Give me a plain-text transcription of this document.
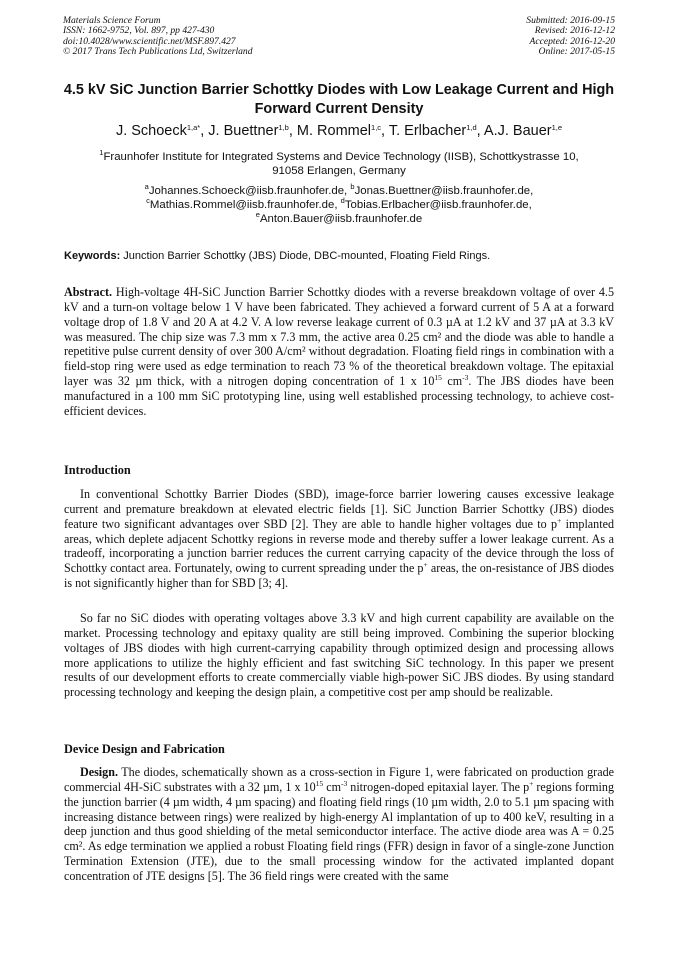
Materials Science Forum
ISSN: 1662-9752, Vol. 897, pp 427-430
doi:10.4028/www.scientific.net/MSF.897.427
© 2017 Trans Tech Publications Ltd, Switzerland
Submitted: 2016-09-15
Revised: 2016-12-12
Accepted: 2016-12-20
Online: 2017-05-15
4.5 kV SiC Junction Barrier Schottky Diodes with Low Leakage Current and High Forward Current Density
J. Schoeck$^{1,a*}$, J. Buettner$^{1,b}$, M. Rommel$^{1,c}$, T. Erlbacher$^{1,d}$, A.J. Bauer$^{1,e}$
$^1$Fraunhofer Institute for Integrated Systems and Device Technology (IISB), Schottkystrasse 10,
91058 Erlangen, Germany
$^a$Johannes.Schoeck@iisb.fraunhofer.de, $^b$Jonas.Buettner@iisb.fraunhofer.de,
$^c$Mathias.Rommel@iisb.fraunhofer.de, $^d$Tobias.Erlbacher@iisb.fraunhofer.de,
$^e$Anton.Bauer@iisb.fraunhofer.de
Keywords: Junction Barrier Schottky (JBS) Diode, DBC-mounted, Floating Field Rings.
Abstract. High-voltage 4H-SiC Junction Barrier Schottky diodes with a reverse breakdown voltage of over 4.5 kV and a turn-on voltage below 1 V have been fabricated. They achieved a forward current of 5 A at a forward voltage drop of 1.8 V and 20 A at 4.2 V. A low reverse leakage current of 0.3 µA at 1.2 kV and 37 µA at 3.3 kV was measured. The chip size was 7.3 mm x 7.3 mm, the active area 0.25 cm² and the diode was able to handle a repetitive pulse current density of over 300 A/cm² without degradation. Floating field rings in combination with a field-stop ring were used as edge termination to reach 73 % of the theoretical breakdown voltage. The epitaxial layer was 32 µm thick, with a nitrogen doping concentration of 1 x $10^{15}$ $cm^{-3}$. The JBS diodes have been manufactured in a 100 mm SiC prototyping line, using well established processing technology, to achieve cost-efficient devices.
Introduction
In conventional Schottky Barrier Diodes (SBD), image-force barrier lowering causes excessive leakage current and premature breakdown at elevated electric fields [1]. SiC Junction Barrier Schottky (JBS) diodes feature two significant advantages over SBD [2]. They are able to handle higher voltages due to p+ implanted areas, which deplete adjacent Schottky regions in reverse mode and thereby suffer a lower leakage current. As a tradeoff, incorporating a junction barrier reduces the current carrying capacity of the device through the loss of Schottky contact area. Fortunately, owing to current spreading under the p+ areas, the on-resistance of JBS diodes is not significantly higher than for SBD [3; 4].
So far no SiC diodes with operating voltages above 3.3 kV and high current capability are available on the market. Processing technology and epitaxy quality are still being improved. Combining the superior blocking voltages of JBS diodes with high current-carrying capability through optimized design and processing allows more applications to utilize the highly efficient and fast switching SiC technology. In this paper we present results of our development efforts to create commercially viable high-power SiC JBS diodes. By using standard processing technology and keeping the design plain, a competitive cost per amp should be realizable.
Device Design and Fabrication
Design. The diodes, schematically shown as a cross-section in Figure 1, were fabricated on production grade commercial 4H-SiC substrates with a 32 µm, 1 x $10^{15}$ $cm^{-3}$ nitrogen-doped epitaxial layer. The p+ regions forming the junction barrier (4 µm width, 4 µm spacing) and floating field rings (10 µm width, 2.0 to 5.1 µm spacing with increasing distance between rings) were realized by high-energy Al implantation of up to 400 keV, resulting in a deep junction and thus good shielding of the metal semiconductor interface. The active diode area was A = 0.25 cm². As edge termination we applied a robust Floating field rings (FFR) design in favor of a single-zone Junction Termination Extension (JTE), due to the small processing window for the activated implanted dopant concentration of JTE designs [5]. The 36 field rings were created with the same
